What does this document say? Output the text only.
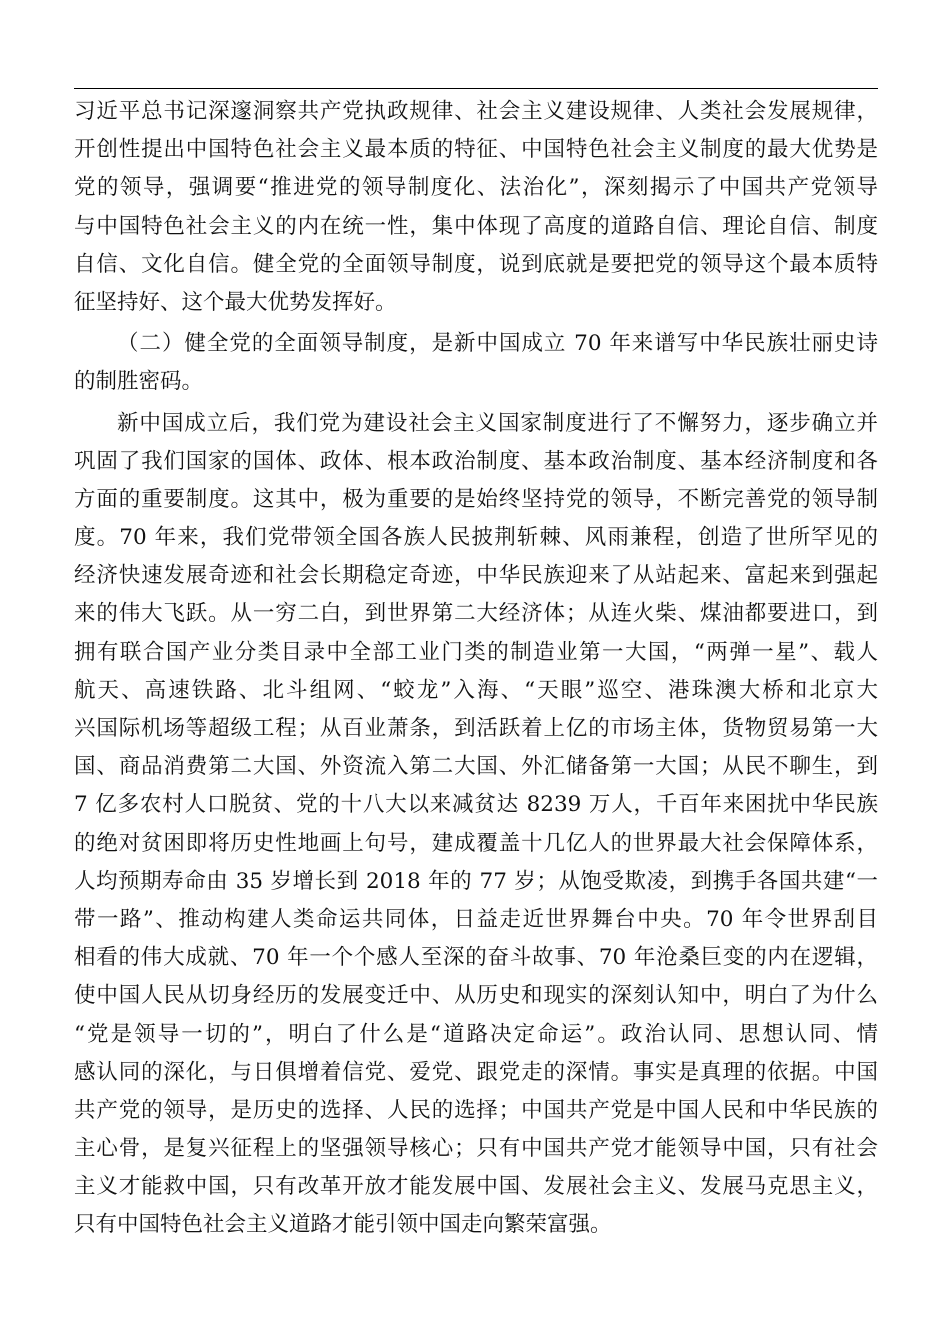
习近平总书记深邃洞察共产党执政规律、社会主义建设规律、人类社会发展规律，
开创性提出中国特色社会主义最本质的特征、中国特色社会主义制度的最大优势是
党的领导，强调要“推进党的领导制度化、法治化”，深刻揭示了中国共产党领导
与中国特色社会主义的内在统一性，集中体现了高度的道路自信、理论自信、制度
自信、文化自信。健全党的全面领导制度，说到底就是要把党的领导这个最本质特
征坚持好、这个最大优势发挥好。
（二）健全党的全面领导制度，是新中国成立 70 年来谱写中华民族壮丽史诗
的制胜密码。
新中国成立后，我们党为建设社会主义国家制度进行了不懈努力，逐步确立并
巩固了我们国家的国体、政体、根本政治制度、基本政治制度、基本经济制度和各
方面的重要制度。这其中，极为重要的是始终坚持党的领导，不断完善党的领导制
度。70 年来，我们党带领全国各族人民披荆斩棘、风雨兼程，创造了世所罕见的
经济快速发展奇迹和社会长期稳定奇迹，中华民族迎来了从站起来、富起来到强起
来的伟大飞跃。从一穷二白，到世界第二大经济体；从连火柴、煤油都要进口，到
拥有联合国产业分类目录中全部工业门类的制造业第一大国，“两弹一星”、载人
航天、高速铁路、北斗组网、“蛟龙”入海、“天眼”巡空、港珠澳大桥和北京大
兴国际机场等超级工程；从百业萧条，到活跃着上亿的市场主体，货物贸易第一大
国、商品消费第二大国、外资流入第二大国、外汇储备第一大国；从民不聊生，到
7 亿多农村人口脱贫、党的十八大以来减贫达 8239 万人，千百年来困扰中华民族
的绝对贫困即将历史性地画上句号，建成覆盖十几亿人的世界最大社会保障体系，
人均预期寿命由 35 岁增长到 2018 年的 77 岁；从饱受欺凌，到携手各国共建“一
带一路”、推动构建人类命运共同体，日益走近世界舞台中央。70 年令世界刮目
相看的伟大成就、70 年一个个感人至深的奋斗故事、70 年沧桑巨变的内在逻辑，
使中国人民从切身经历的发展变迁中、从历史和现实的深刻认知中，明白了为什么
“党是领导一切的”，明白了什么是“道路决定命运”。政治认同、思想认同、情
感认同的深化，与日俱增着信党、爱党、跟党走的深情。事实是真理的依据。中国
共产党的领导，是历史的选择、人民的选择；中国共产党是中国人民和中华民族的
主心骨，是复兴征程上的坚强领导核心；只有中国共产党才能领导中国，只有社会
主义才能救中国，只有改革开放才能发展中国、发展社会主义、发展马克思主义，
只有中国特色社会主义道路才能引领中国走向繁荣富强。
